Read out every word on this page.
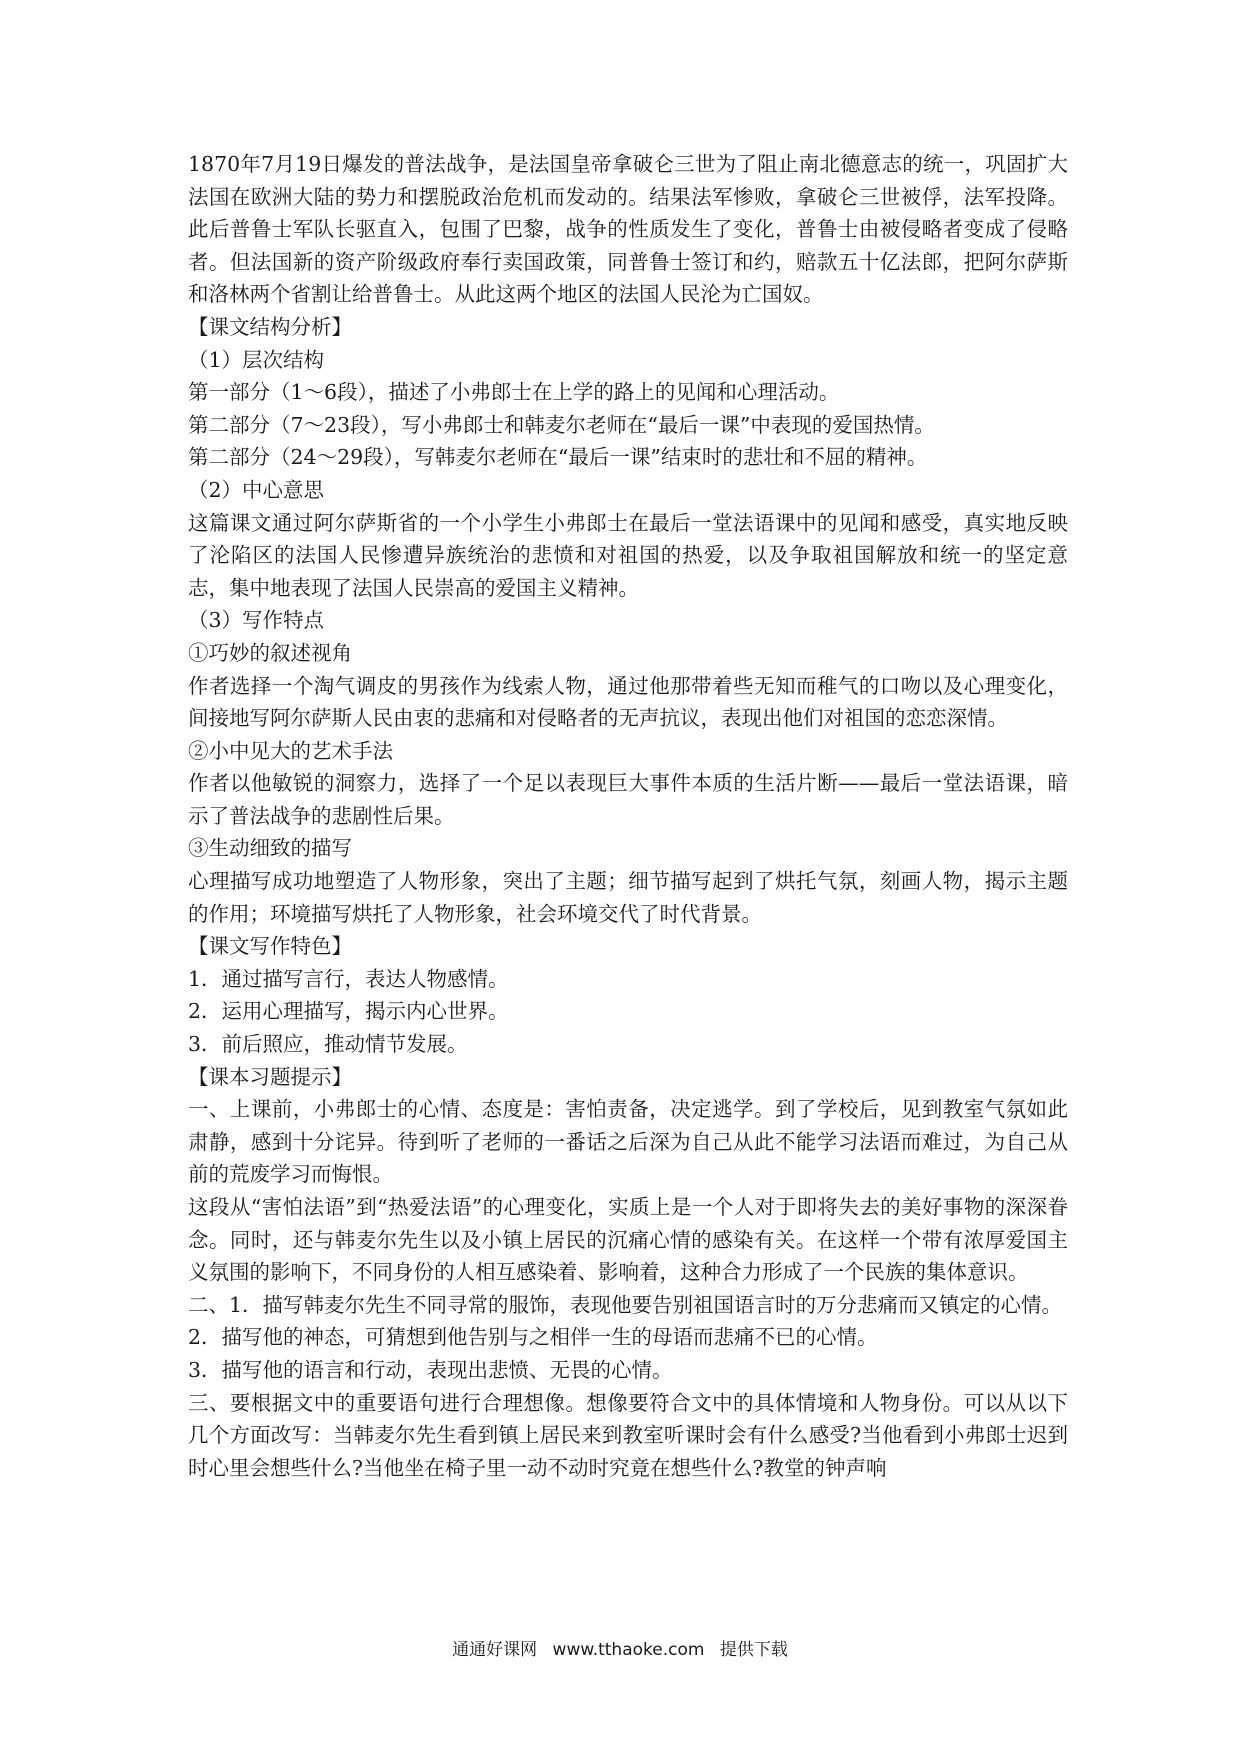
1870年7月19日爆发的普法战争，是法国皇帝拿破仑三世为了阻止南北德意志的统一，巩固扩大法国在欧洲大陆的势力和摆脱政治危机而发动的。结果法军惨败，拿破仑三世被俘，法军投降。此后普鲁士军队长驱直入，包围了巴黎，战争的性质发生了变化，普鲁士由被侵略者变成了侵略者。但法国新的资产阶级政府奉行卖国政策，同普鲁士签订和约，赔款五十亿法郎，把阿尔萨斯和洛林两个省割让给普鲁士。从此这两个地区的法国人民沦为亡国奴。

【课文结构分析】

（1）层次结构

第一部分（1～6段），描述了小弗郎士在上学的路上的见闻和心理活动。

第二部分（7～23段），写小弗郎士和韩麦尔老师在“最后一课”中表现的爱国热情。

第二部分（24～29段），写韩麦尔老师在“最后一课”结束时的悲壮和不屈的精神。

（2）中心意思

这篇课文通过阿尔萨斯省的一个小学生小弗郎士在最后一堂法语课中的见闻和感受，真实地反映了沦陷区的法国人民惨遭异族统治的悲愤和对祖国的热爱，以及争取祖国解放和统一的坚定意志，集中地表现了法国人民崇高的爱国主义精神。

（3）写作特点

①巧妙的叙述视角

作者选择一个淘气调皮的男孩作为线索人物，通过他那带着些无知而稚气的口吻以及心理变化，间接地写阿尔萨斯人民由衷的悲痛和对侵略者的无声抗议，表现出他们对祖国的恋恋深情。

②小中见大的艺术手法

作者以他敏锐的洞察力，选择了一个足以表现巨大事件本质的生活片断——最后一堂法语课，暗示了普法战争的悲剧性后果。

③生动细致的描写

心理描写成功地塑造了人物形象，突出了主题；细节描写起到了烘托气氛，刻画人物，揭示主题的作用；环境描写烘托了人物形象，社会环境交代了时代背景。

【课文写作特色】

1．通过描写言行，表达人物感情。

2．运用心理描写，揭示内心世界。

3．前后照应，推动情节发展。

【课本习题提示】

一、上课前，小弗郎士的心情、态度是：害怕责备，决定逃学。到了学校后，见到教室气氛如此肃静，感到十分诧异。待到听了老师的一番话之后深为自己从此不能学习法语而难过，为自己从前的荒废学习而悔恨。

这段从“害怕法语”到“热爱法语”的心理变化，实质上是一个人对于即将失去的美好事物的深深眷念。同时，还与韩麦尔先生以及小镇上居民的沉痛心情的感染有关。在这样一个带有浓厚爱国主义氛围的影响下，不同身份的人相互感染着、影响着，这种合力形成了一个民族的集体意识。

二、1．描写韩麦尔先生不同寻常的服饰，表现他要告别祖国语言时的万分悲痛而又镇定的心情。

2．描写他的神态，可猜想到他告别与之相伴一生的母语而悲痛不已的心情。

3．描写他的语言和行动，表现出悲愤、无畏的心情。

三、要根据文中的重要语句进行合理想像。想像要符合文中的具体情境和人物身份。可以从以下几个方面改写：当韩麦尔先生看到镇上居民来到教室听课时会有什么感受?当他看到小弗郎士迟到时心里会想些什么?当他坐在椅子里一动不动时究竟在想些什么?教堂的钟声响

通通好课网 www.tthaoke.com 提供下载
